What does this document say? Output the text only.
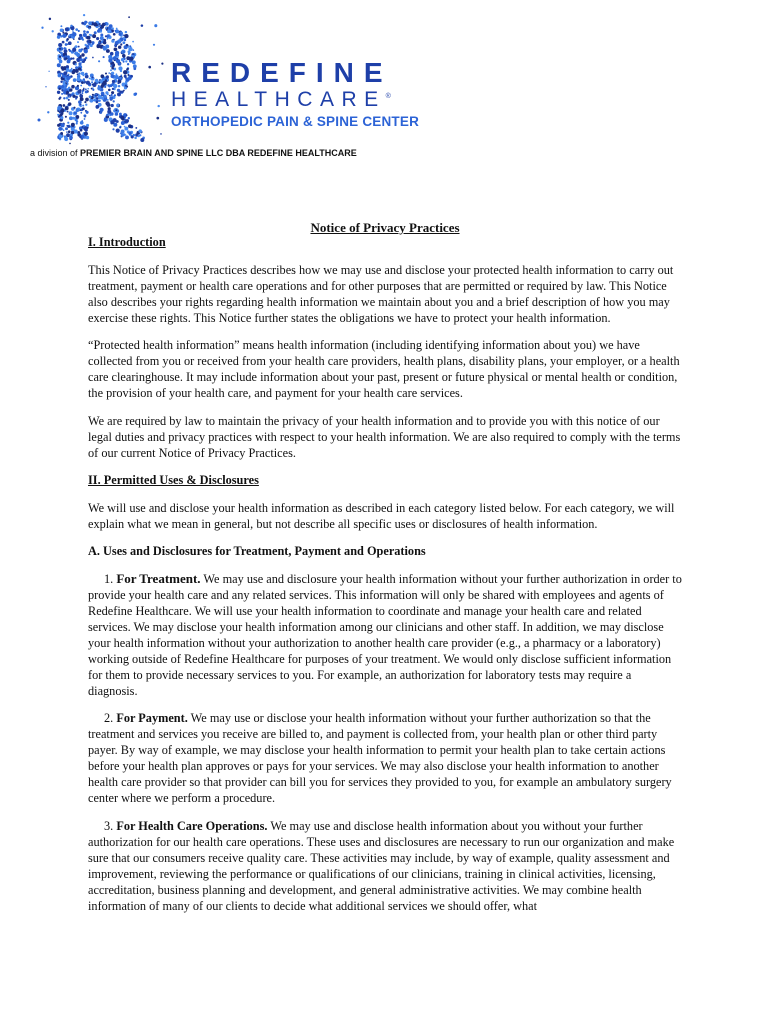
REDEFINE
HEALTHCARE®
ORTHOPEDIC PAIN & SPINE CENTER
a division of PREMIER BRAIN AND SPINE LLC DBA REDEFINE HEALTHCARE
Notice of Privacy Practices

I. Introduction

This Notice of Privacy Practices describes how we may use and disclose your protected health information to carry out treatment, payment or health care operations and for other purposes that are permitted or required by law. This Notice also describes your rights regarding health information we maintain about you and a brief description of how you may exercise these rights. This Notice further states the obligations we have to protect your health information.

“Protected health information” means health information (including identifying information about you) we have collected from you or received from your health care providers, health plans, disability plans, your employer, or a health care clearinghouse. It may include information about your past, present or future physical or mental health or condition, the provision of your health care, and payment for your health care services.

We are required by law to maintain the privacy of your health information and to provide you with this notice of our legal duties and privacy practices with respect to your health information. We are also required to comply with the terms of our current Notice of Privacy Practices.

II. Permitted Uses & Disclosures

We will use and disclose your health information as described in each category listed below. For each category, we will explain what we mean in general, but not describe all specific uses or disclosures of health information.

A. Uses and Disclosures for Treatment, Payment and Operations

1. For Treatment. We may use and disclosure your health information without your further authorization in order to provide your health care and any related services. This information will only be shared with employees and agents of Redefine Healthcare. We will use your health information to coordinate and manage your health care and related services. We may disclose your health information among our clinicians and other staff. In addition, we may disclose your health information without your authorization to another health care provider (e.g., a pharmacy or a laboratory) working outside of Redefine Healthcare for purposes of your treatment. We would only disclose sufficient information for them to provide necessary services to you. For example, an authorization for laboratory tests may require a diagnosis.

2. For Payment. We may use or disclose your health information without your further authorization so that the treatment and services you receive are billed to, and payment is collected from, your health plan or other third party payer. By way of example, we may disclose your health information to permit your health plan to take certain actions before your health plan approves or pays for your services. We may also disclose your health information to another health care provider so that provider can bill you for services they provided to you, for example an ambulatory surgery center where we perform a procedure.

3. For Health Care Operations. We may use and disclose health information about you without your further authorization for our health care operations. These uses and disclosures are necessary to run our organization and make sure that our consumers receive quality care. These activities may include, by way of example, quality assessment and improvement, reviewing the performance or qualifications of our clinicians, training in clinical activities, licensing, accreditation, business planning and development, and general administrative activities. We may combine health information of many of our clients to decide what additional services we should offer, what
